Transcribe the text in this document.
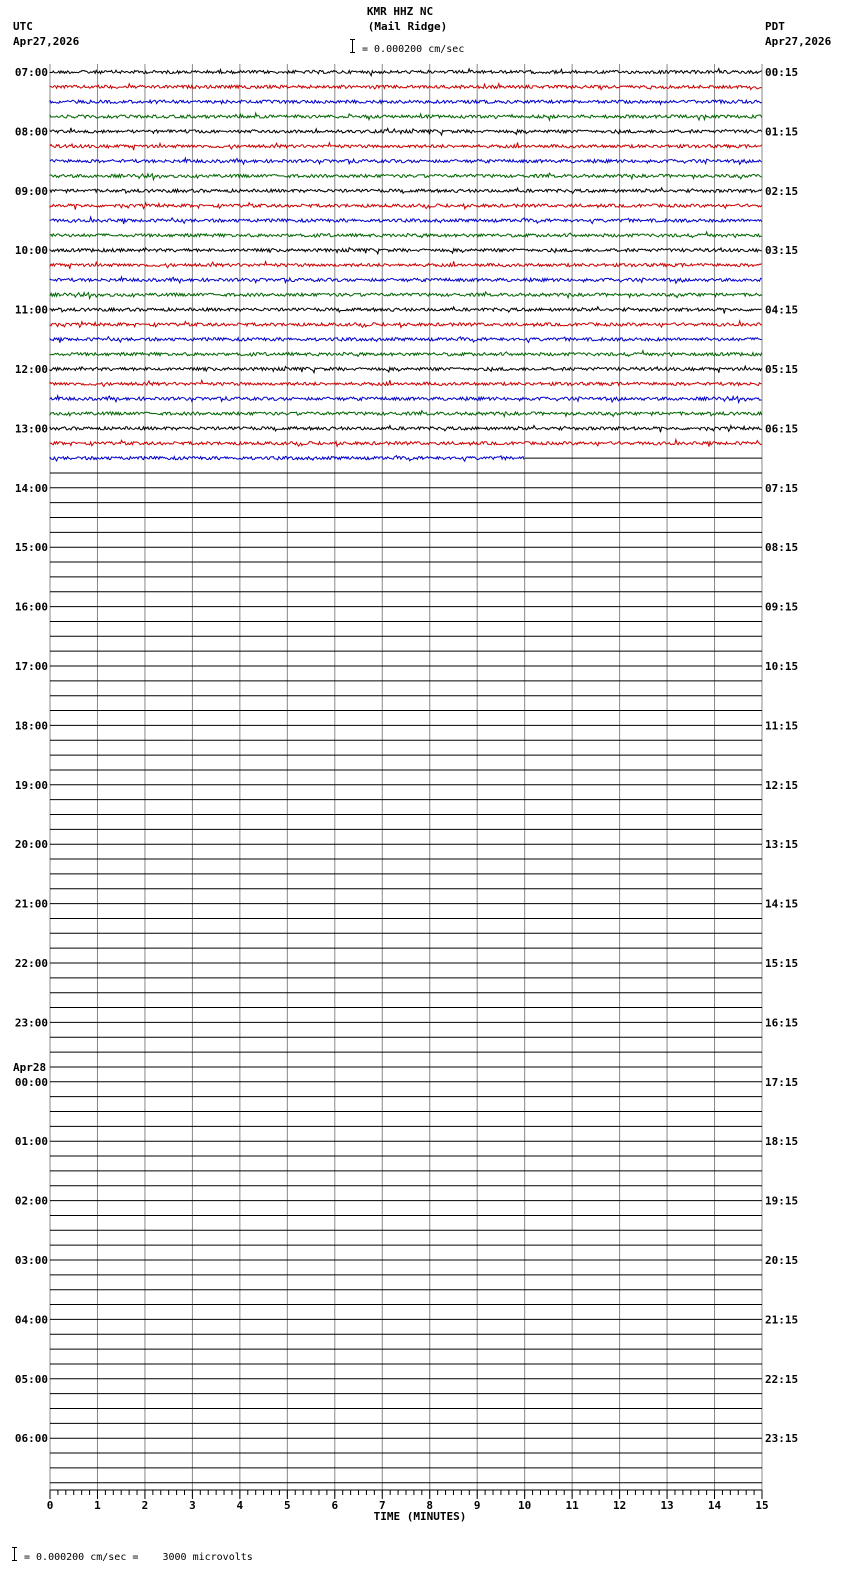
KMR HHZ NC
(Mail Ridge)
= 0.000200 cm/sec
UTC
Apr27,2026
PDT
Apr27,2026
07:00	00:15
08:00	01:15
09:00	02:15
10:00	03:15
11:00	04:15
12:00	05:15
13:00	06:15
14:00	07:15
15:00	08:15
16:00	09:15
17:00	10:15
18:00	11:15
19:00	12:15
20:00	13:15
21:00	14:15
22:00	15:15
23:00	16:15
00:00	17:15
01:00	18:15
02:00	19:15
03:00	20:15
04:00	21:15
05:00	22:15
06:00	23:15
Apr28
0	1	2	3	4	5	6	7	8	9	10	11	12	13	14	15
TIME (MINUTES)
= 0.000200 cm/sec =    3000 microvolts
